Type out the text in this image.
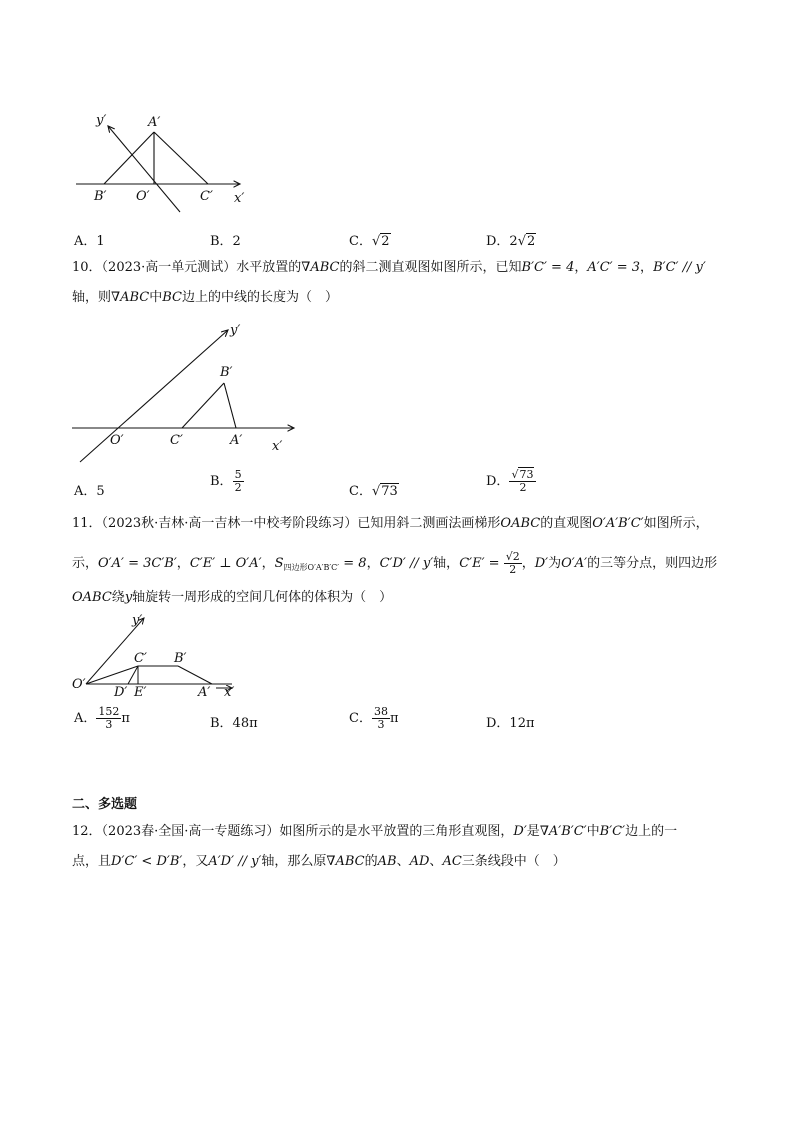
y′	A′
B′ O′	C′ x′
A．1	B．2	C．√2	D．2√2
10．（2023·高一单元测试）水平放置的∇ABC的斜二测直观图如图所示，已知B′C′ = 4，A′C′ = 3，B′C′ // y′
轴，则∇ABC中BC边上的中线的长度为（　）
y′
B′
O′	C′	A′ x′
A．5
B． $\frac{5}{2}$	C．√73
D． $\frac{√73}{2}$
11．（2023秋·吉林·高一吉林一中校考阶段练习）已知用斜二测画法画梯形OABC的直观图O′A′B′C′如图所示，
示，O′A′ = 3C′B′，C′E′ ⊥ O′A′，$S_{四边形O'A'B'C'} = 8$，C′D′ // y′轴，$C'E' = \frac{√2}{2}$ ，D′为O′A′的三等分点，则四边形
OABC绕y轴旋转一周形成的空间几何体的体积为（　）
y′
C′ B′
O′
D′ E′	A′ x′
A． $\frac{152}{3}$ π	B．48π	C． $\frac{38}{3}$ π	D．12π
二、多选题
12．（2023春·全国·高一专题练习）如图所示的是水平放置的三角形直观图，D′是∇A′B′C′中B′C′边上的一
点，且D′C′ < D′B′，又A′D′ // y′轴，那么原∇ABC的AB、AD、AC三条线段中（　）
